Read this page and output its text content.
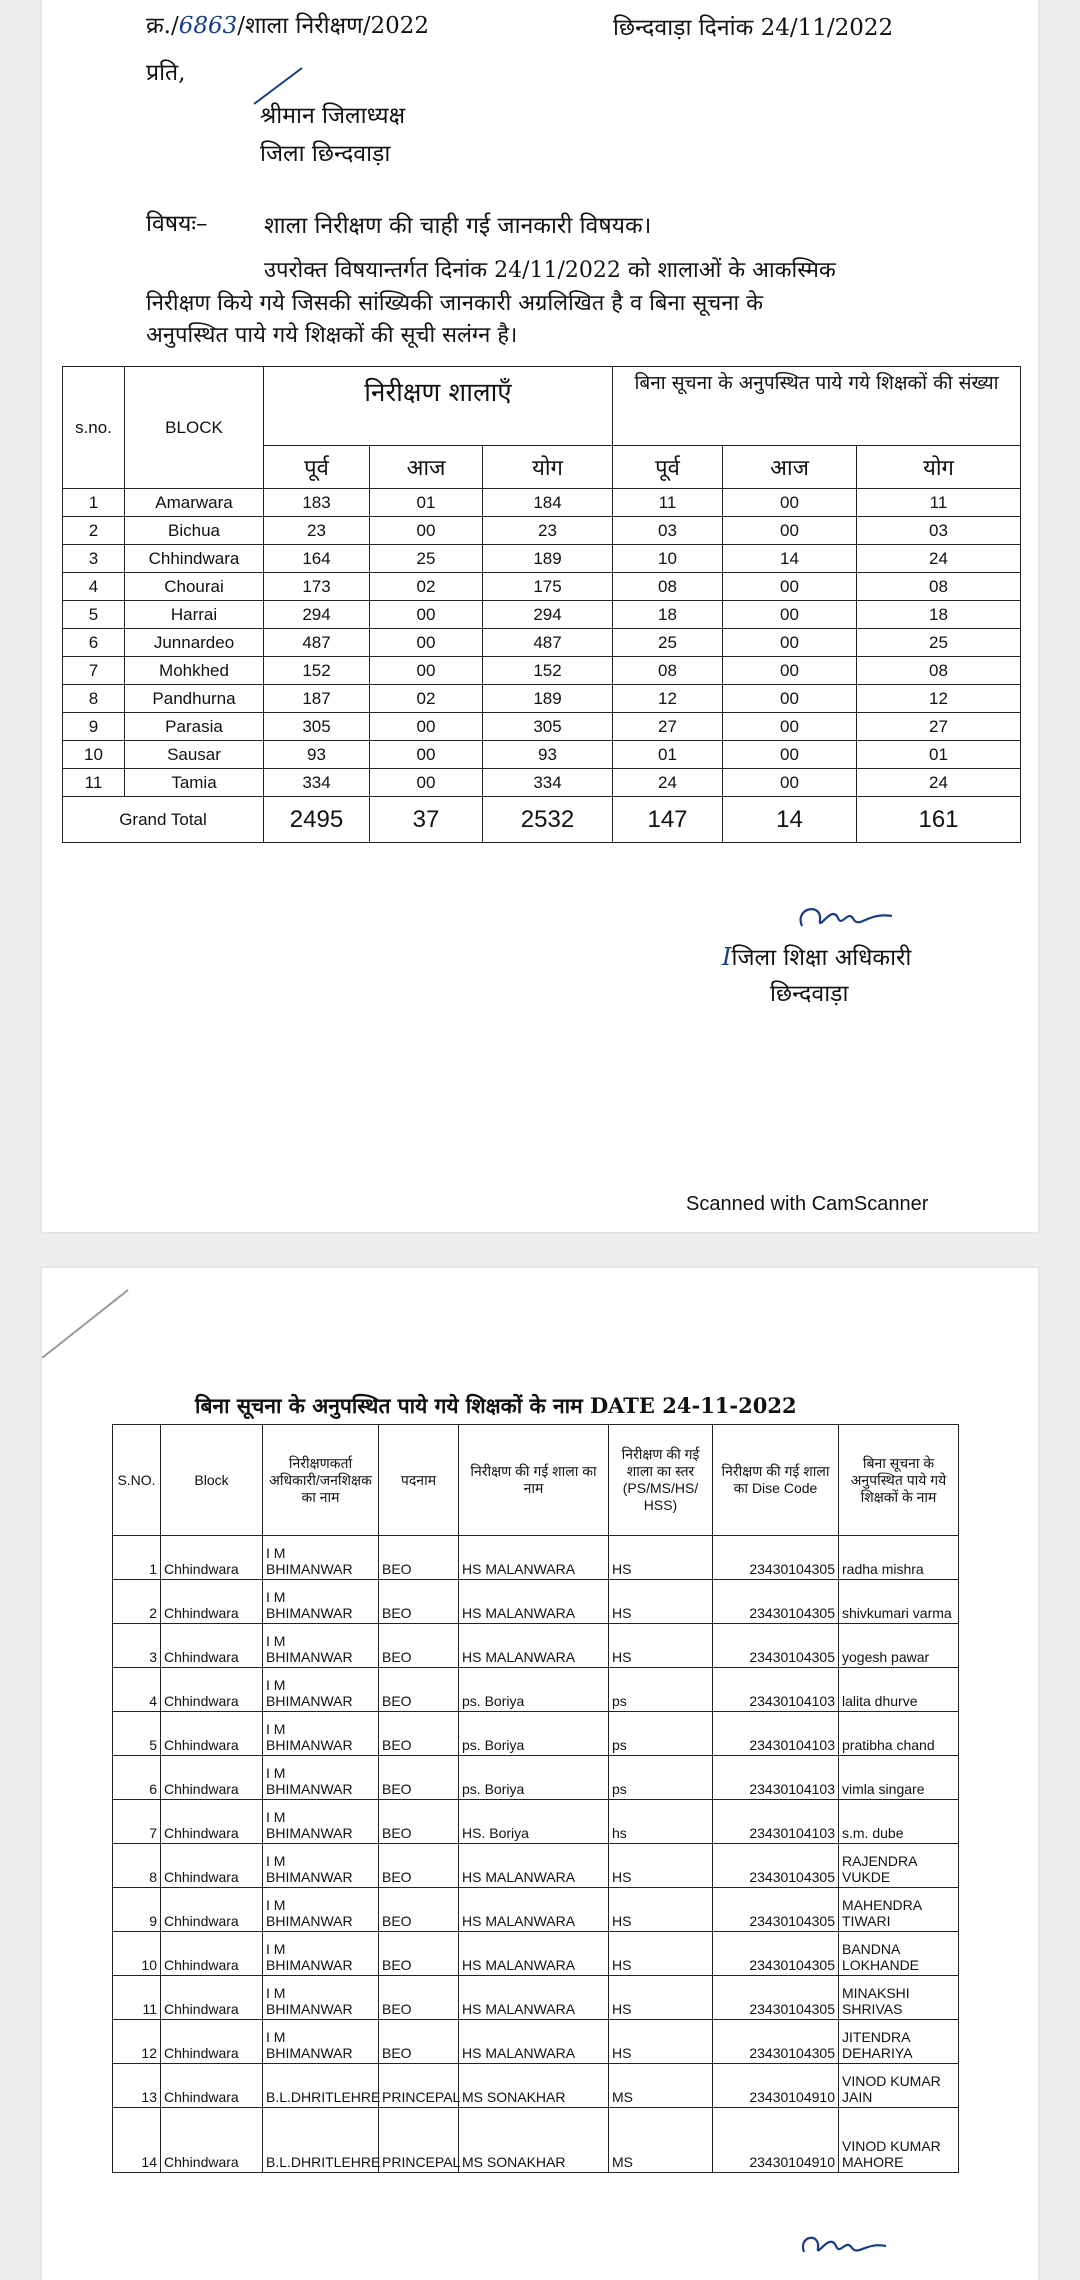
क्र./6863/शाला निरीक्षण/2022	छिन्दवाड़ा दिनांक 24/11/2022
प्रति,
श्रीमान जिलाध्यक्ष
जिला छिन्दवाड़ा
विषयः– शाला निरीक्षण की चाही गई जानकारी विषयक।
उपरोक्त विषयान्तर्गत दिनांक 24/11/2022 को शालाओं के आकस्मिक
निरीक्षण किये गये जिसकी सांख्यिकी जानकारी अग्रलिखित है व बिना सूचना के
अनुपस्थित पाये गये शिक्षकों की सूची सलंग्न है।
s.no.	BLOCK	निरीक्षण शालाएँ			बिना सूचना के अनुपस्थित पाये गये शिक्षकों की संख्या		
		पूर्व	आज	योग	पूर्व	आज	योग
1	Amarwara	183	01	184	11	00	11
2	Bichua	23	00	23	03	00	03
3	Chhindwara	164	25	189	10	14	24
4	Chourai	173	02	175	08	00	08
5	Harrai	294	00	294	18	00	18
6	Junnardeo	487	00	487	25	00	25
7	Mohkhed	152	00	152	08	00	08
8	Pandhurna	187	02	189	12	00	12
9	Parasia	305	00	305	27	00	27
10	Sausar	93	00	93	01	00	01
11	Tamia	334	00	334	24	00	24
Grand Total		2495	37	2532	147	14	161
Iजिला शिक्षा अधिकारी
छिन्दवाड़ा
Scanned with CamScanner
बिना सूचना के अनुपस्थित पाये गये शिक्षकों के नाम DATE 24-11-2022
S.NO.	Block	निरीक्षणकर्ता अधिकारी/जनशिक्षक का नाम	पदनाम	निरीक्षण की गई शाला का नाम	निरीक्षण की गई शाला का स्तर (PS/MS/HS/ HSS)	निरीक्षण की गई शाला का Dise Code	बिना सूचना के अनुपस्थित पाये गये शिक्षकों के नाम
1	Chhindwara	I M BHIMANWAR	BEO	HS MALANWARA	HS	23430104305	radha mishra
2	Chhindwara	I M BHIMANWAR	BEO	HS MALANWARA	HS	23430104305	shivkumari varma
3	Chhindwara	I M BHIMANWAR	BEO	HS MALANWARA	HS	23430104305	yogesh pawar
4	Chhindwara	I M BHIMANWAR	BEO	ps. Boriya	ps	23430104103	lalita dhurve
5	Chhindwara	I M BHIMANWAR	BEO	ps. Boriya	ps	23430104103	pratibha chand
6	Chhindwara	I M BHIMANWAR	BEO	ps. Boriya	ps	23430104103	vimla singare
7	Chhindwara	I M BHIMANWAR	BEO	HS. Boriya	hs	23430104103	s.m. dube
8	Chhindwara	I M BHIMANWAR	BEO	HS MALANWARA	HS	23430104305	RAJENDRA VUKDE
9	Chhindwara	I M BHIMANWAR	BEO	HS MALANWARA	HS	23430104305	MAHENDRA TIWARI
10	Chhindwara	I M BHIMANWAR	BEO	HS MALANWARA	HS	23430104305	BANDNA LOKHANDE
11	Chhindwara	I M BHIMANWAR	BEO	HS MALANWARA	HS	23430104305	MINAKSHI SHRIVAS
12	Chhindwara	I M BHIMANWAR	BEO	HS MALANWARA	HS	23430104305	JITENDRA DEHARIYA
13	Chhindwara	B.L.DHRITLEHRE	PRINCEPAL	MS SONAKHAR	MS	23430104910	VINOD KUMAR JAIN
14	Chhindwara	B.L.DHRITLEHRE	PRINCEPAL	MS SONAKHAR	MS	23430104910	VINOD KUMAR MAHORE
